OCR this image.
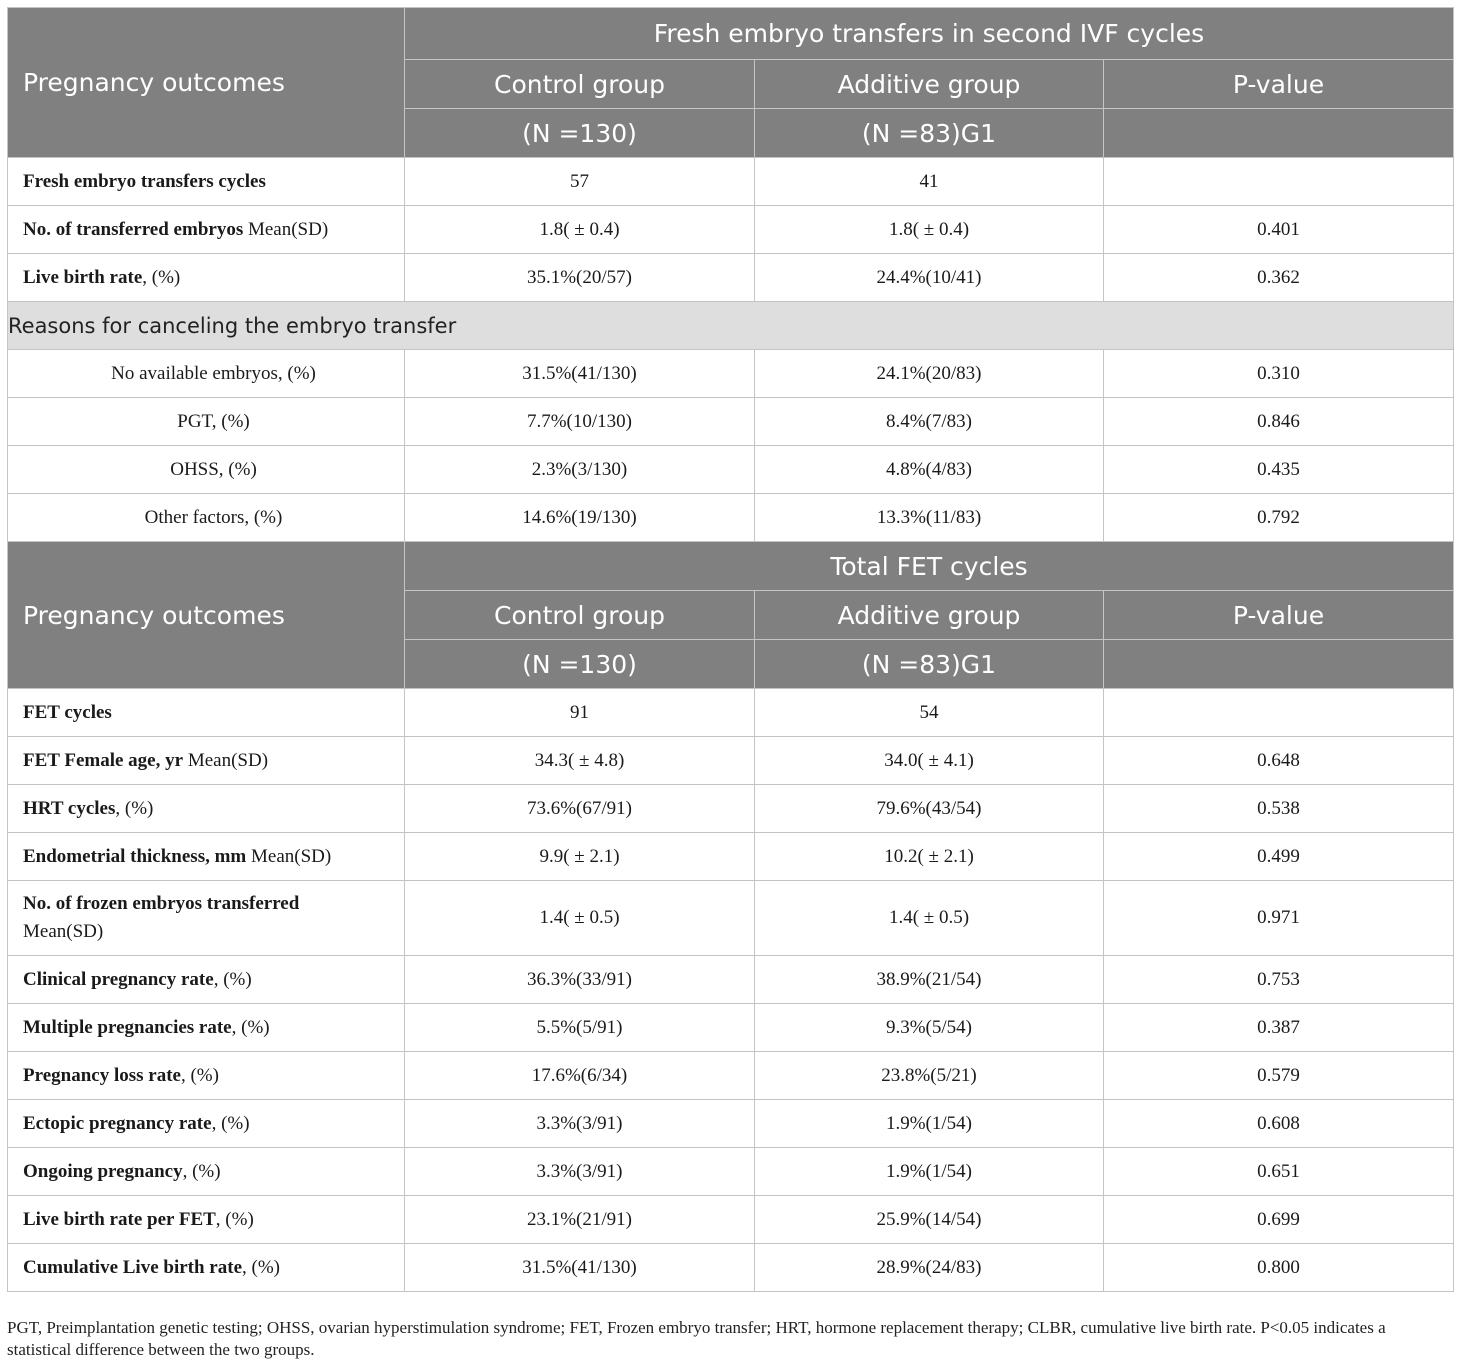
Pregnancy outcomes	Fresh embryo transfers in second IVF cycles		
	Control group	Additive group	P-value
	(N =130)	(N =83)G1	
Fresh embryo transfers cycles	57	41	
No. of transferred embryos Mean(SD)	1.8( ± 0.4)	1.8( ± 0.4)	0.401
Live birth rate, (%)	35.1%(20/57)	24.4%(10/41)	0.362
Reasons for canceling the embryo transfer			
No available embryos, (%)	31.5%(41/130)	24.1%(20/83)	0.310
PGT, (%)	7.7%(10/130)	8.4%(7/83)	0.846
OHSS, (%)	2.3%(3/130)	4.8%(4/83)	0.435
Other factors, (%)	14.6%(19/130)	13.3%(11/83)	0.792
Pregnancy outcomes	Total FET cycles		
	Control group	Additive group	P-value
	(N =130)	(N =83)G1	
FET cycles	91	54	
FET Female age, yr Mean(SD)	34.3( ± 4.8)	34.0( ± 4.1)	0.648
HRT cycles, (%)	73.6%(67/91)	79.6%(43/54)	0.538
Endometrial thickness, mm Mean(SD)	9.9( ± 2.1)	10.2( ± 2.1)	0.499
No. of frozen embryos transferred
Mean(SD)	1.4( ± 0.5)	1.4( ± 0.5)	0.971
Clinical pregnancy rate, (%)	36.3%(33/91)	38.9%(21/54)	0.753
Multiple pregnancies rate, (%)	5.5%(5/91)	9.3%(5/54)	0.387
Pregnancy loss rate, (%)	17.6%(6/34)	23.8%(5/21)	0.579
Ectopic pregnancy rate, (%)	3.3%(3/91)	1.9%(1/54)	0.608
Ongoing pregnancy, (%)	3.3%(3/91)	1.9%(1/54)	0.651
Live birth rate per FET, (%)	23.1%(21/91)	25.9%(14/54)	0.699
Cumulative Live birth rate, (%)	31.5%(41/130)	28.9%(24/83)	0.800

PGT, Preimplantation genetic testing; OHSS, ovarian hyperstimulation syndrome; FET, Frozen embryo transfer; HRT, hormone replacement therapy; CLBR, cumulative live birth rate. P<0.05 indicates a statistical difference between the two groups.
